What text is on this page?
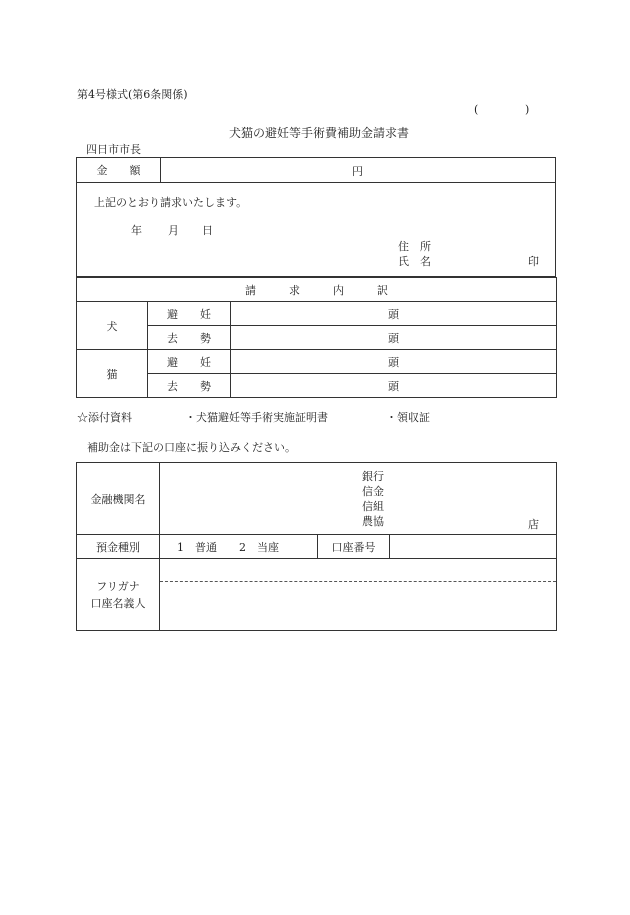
第4号様式(第6条関係)
(	)
犬猫の避妊等手術費補助金請求書
四日市市長
金　　額	円
上記のとおり請求いたします。
年 月 日
住　所
氏　名	印
請　　　求　　　内　　　訳		
犬	避　　妊	頭
	去　　勢	頭
猫	避　　妊	頭
	去　　勢	頭
☆添付資料	・犬猫避妊等手術実施証明書	・領収証
補助金は下記の口座に振り込みください。
金融機関名	銀行
信金
信組
農協 店		

預金種別	1　普通　　2　当座	口座番号	

フリガナ
口座名義人			
